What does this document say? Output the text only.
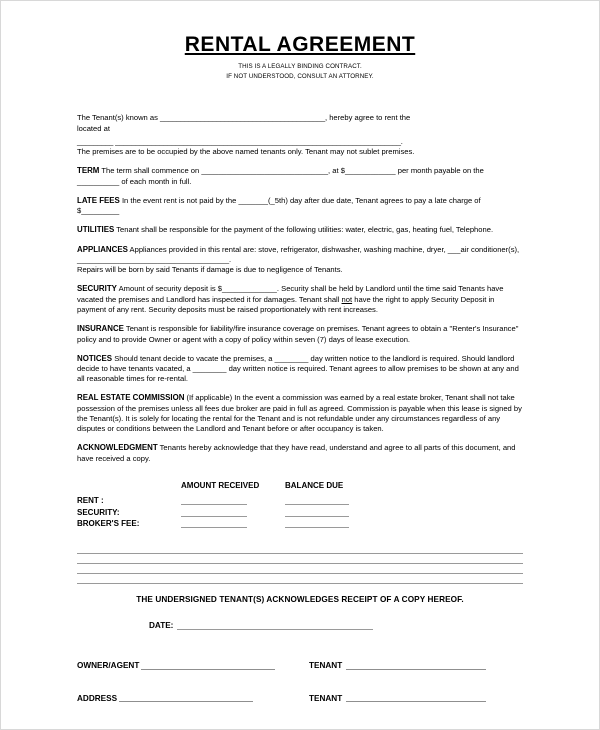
RENTAL AGREEMENT
THIS IS A LEGALLY BINDING CONTRACT.
IF NOT UNDERSTOOD, CONSULT AN ATTORNEY.
The Tenant(s) known as _________________________________________, hereby agree to rent the
located at
_________ _______________________________________________________________________.
The premises are to be occupied by the above named tenants only. Tenant may not sublet premises.
TERM The term shall commence on ______________________________, at $____________ per month payable on the __________ of each month in full.
LATE FEES In the event rent is not paid by the _______(_5th) day after due date, Tenant agrees to pay a late charge of $_________
UTILITIES Tenant shall be responsible for the payment of the following utilities: water, electric, gas, heating fuel, Telephone.
APPLIANCES Appliances provided in this rental are: stove, refrigerator, dishwasher, washing machine, dryer, ___air conditioner(s), ____________________________________.
Repairs will be born by said Tenants if damage is due to negligence of Tenants.
SECURITY Amount of security deposit is $_____________. Security shall be held by Landlord until the time said Tenants have vacated the premises and Landlord has inspected it for damages. Tenant shall not have the right to apply Security Deposit in payment of any rent. Security deposits must be raised proportionately with rent increases.
INSURANCE Tenant is responsible for liability/fire insurance coverage on premises. Tenant agrees to obtain a "Renter's Insurance" policy and to provide Owner or agent with a copy of policy within seven (7) days of lease execution.
NOTICES Should tenant decide to vacate the premises, a ________ day written notice to the landlord is required. Should landlord decide to have tenants vacated, a ________ day written notice is required. Tenant agrees to allow premises to be shown at any and all reasonable times for re-rental.
REAL ESTATE COMMISSION (If applicable) In the event a commission was earned by a real estate broker, Tenant shall not take possession of the premises unless all fees due broker are paid in full as agreed. Commission is payable when this lease is signed by the Tenant(s). It is solely for locating the rental for the Tenant and is not refundable under any circumstances regardless of any disputes or conditions between the Landlord and Tenant before or after occupancy is taken.
ACKNOWLEDGMENT Tenants hereby acknowledge that they have read, understand and agree to all parts of this document, and have received a copy.
AMOUNT RECEIVED	BALANCE DUE
RENT :
SECURITY:
BROKER'S FEE:
THE UNDERSIGNED TENANT(S) ACKNOWLEDGES RECEIPT OF A COPY HEREOF.
DATE:
OWNER/AGENT	TENANT
ADDRESS	TENANT
